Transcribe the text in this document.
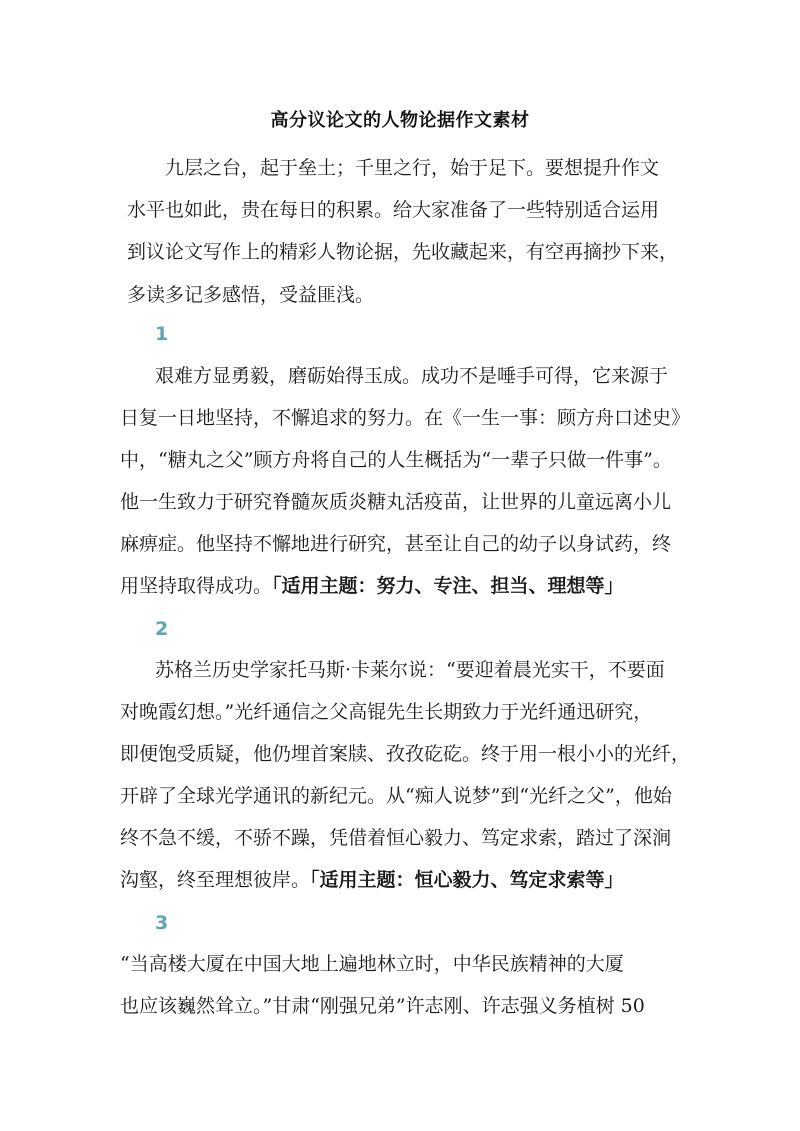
高分议论文的人物论据作文素材
九层之台，起于垒土；千里之行，始于足下。要想提升作文
水平也如此，贵在每日的积累。给大家准备了一些特别适合运用
到议论文写作上的精彩人物论据，先收藏起来，有空再摘抄下来，
多读多记多感悟，受益匪浅。
1
艰难方显勇毅，磨砺始得玉成。成功不是唾手可得，它来源于
日复一日地坚持，不懈追求的努力。在《一生一事：顾方舟口述史》
中，“糖丸之父”顾方舟将自己的人生概括为“一辈子只做一件事”。
他一生致力于研究脊髓灰质炎糖丸活疫苗，让世界的儿童远离小儿
麻痹症。他坚持不懈地进行研究，甚至让自己的幼子以身试药，终
用坚持取得成功。「适用主题：努力、专注、担当、理想等」
2
苏格兰历史学家托马斯·卡莱尔说：“要迎着晨光实干，不要面
对晚霞幻想。”光纤通信之父高锟先生长期致力于光纤通迅研究，
即便饱受质疑，他仍埋首案牍、孜孜矻矻。终于用一根小小的光纤，
开辟了全球光学通讯的新纪元。从“痴人说梦”到“光纤之父”，他始
终不急不缓，不骄不躁，凭借着恒心毅力、笃定求索，踏过了深涧
沟壑，终至理想彼岸。「适用主题：恒心毅力、笃定求索等」
3
“当高楼大厦在中国大地上遍地林立时，中华民族精神的大厦
也应该巍然耸立。”甘肃“刚强兄弟”许志刚、许志强义务植树 50
